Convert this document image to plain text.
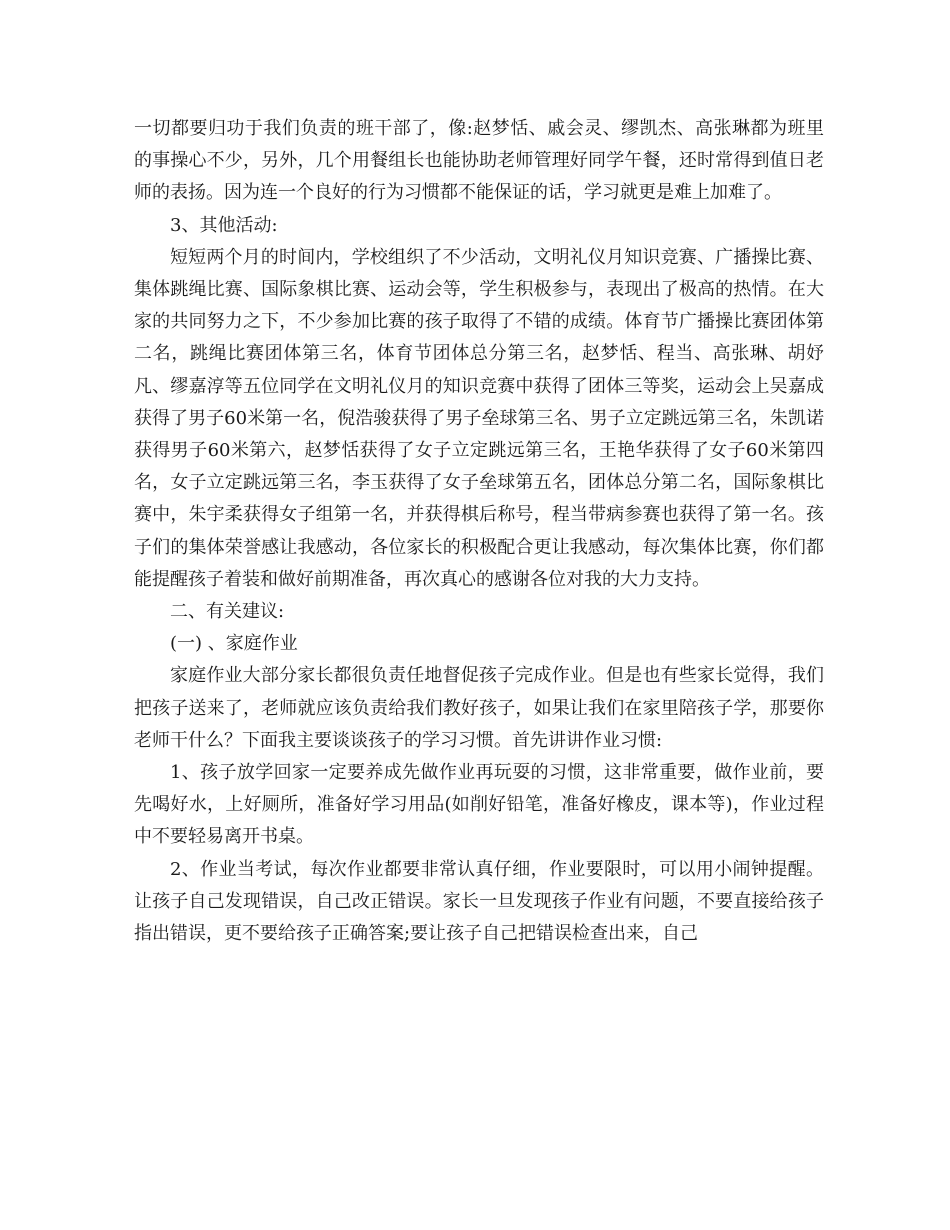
一切都要归功于我们负责的班干部了，像:赵梦恬、戚会灵、缪凯杰、高张琳都为班里的事操心不少，另外，几个用餐组长也能协助老师管理好同学午餐，还时常得到值日老师的表扬。因为连一个良好的行为习惯都不能保证的话，学习就更是难上加难了。

3、其他活动:

短短两个月的时间内，学校组织了不少活动，文明礼仪月知识竞赛、广播操比赛、集体跳绳比赛、国际象棋比赛、运动会等，学生积极参与，表现出了极高的热情。在大家的共同努力之下，不少参加比赛的孩子取得了不错的成绩。体育节广播操比赛团体第二名，跳绳比赛团体第三名，体育节团体总分第三名，赵梦恬、程当、高张琳、胡妤凡、缪嘉淳等五位同学在文明礼仪月的知识竞赛中获得了团体三等奖，运动会上吴嘉成获得了男子60米第一名，倪浩骏获得了男子垒球第三名、男子立定跳远第三名，朱凯诺获得男子60米第六，赵梦恬获得了女子立定跳远第三名，王艳华获得了女子60米第四名，女子立定跳远第三名，李玉获得了女子垒球第五名，团体总分第二名，国际象棋比赛中，朱宇柔获得女子组第一名，并获得棋后称号，程当带病参赛也获得了第一名。孩子们的集体荣誉感让我感动，各位家长的积极配合更让我感动，每次集体比赛，你们都能提醒孩子着装和做好前期准备，再次真心的感谢各位对我的大力支持。

二、有关建议:

(一) 、家庭作业

家庭作业大部分家长都很负责任地督促孩子完成作业。但是也有些家长觉得，我们把孩子送来了，老师就应该负责给我们教好孩子，如果让我们在家里陪孩子学，那要你老师干什么？下面我主要谈谈孩子的学习习惯。首先讲讲作业习惯:

1、孩子放学回家一定要养成先做作业再玩耍的习惯，这非常重要，做作业前，要先喝好水，上好厕所，准备好学习用品(如削好铅笔，准备好橡皮，课本等)，作业过程中不要轻易离开书桌。

2、作业当考试，每次作业都要非常认真仔细，作业要限时，可以用小闹钟提醒。让孩子自己发现错误，自己改正错误。家长一旦发现孩子作业有问题，不要直接给孩子指出错误，更不要给孩子正确答案;要让孩子自己把错误检查出来，自己
